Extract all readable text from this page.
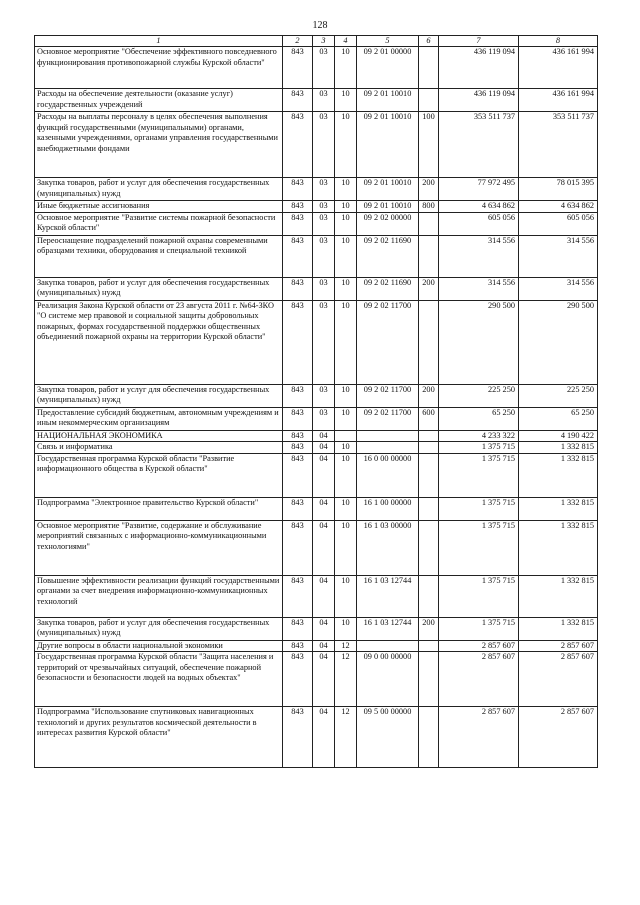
128
1	2	3	4	5	6	7	8
Основное мероприятие "Обеспечение эффективного повседневного функционирования противопожарной службы Курской области"	843	03	10	09 2 01 00000		436 119 094	436 161 994
Расходы на обеспечение деятельности (оказание услуг) государственных учреждений	843	03	10	09 2 01 10010		436 119 094	436 161 994
Расходы на выплаты персоналу в целях обеспечения выполнения функций государственными (муниципальными) органами, казенными учреждениями, органами управления государственными внебюджетными фондами	843	03	10	09 2 01 10010	100	353 511 737	353 511 737
Закупка товаров, работ и услуг для обеспечения государственных (муниципальных) нужд	843	03	10	09 2 01 10010	200	77 972 495	78 015 395
Иные бюджетные ассигнования	843	03	10	09 2 01 10010	800	4 634 862	4 634 862
Основное мероприятие "Развитие системы пожарной безопасности Курской области"	843	03	10	09 2 02 00000		605 056	605 056
Переоснащение подразделений пожарной охраны современными образцами техники, оборудования и специальной техникой	843	03	10	09 2 02 11690		314 556	314 556
Закупка товаров, работ и услуг для обеспечения государственных (муниципальных) нужд	843	03	10	09 2 02 11690	200	314 556	314 556
Реализация Закона Курской области от 23 августа 2011 г. №64-ЗКО "О системе мер правовой и социальной защиты добровольных пожарных, формах государственной поддержки общественных объединений пожарной охраны на территории Курской области"	843	03	10	09 2 02 11700		290 500	290 500
Закупка товаров, работ и услуг для обеспечения государственных (муниципальных) нужд	843	03	10	09 2 02 11700	200	225 250	225 250
Предоставление субсидий бюджетным, автономным учреждениям и иным некоммерческим организациям	843	03	10	09 2 02 11700	600	65 250	65 250
НАЦИОНАЛЬНАЯ ЭКОНОМИКА	843	04				4 233 322	4 190 422
Связь и информатика	843	04	10			1 375 715	1 332 815
Государственная программа Курской области "Развитие информационного общества в Курской области"	843	04	10	16 0 00 00000		1 375 715	1 332 815
Подпрограмма "Электронное правительство Курской области"	843	04	10	16 1 00 00000		1 375 715	1 332 815
Основное мероприятие "Развитие, содержание и обслуживание мероприятий связанных с информационно-коммуникационными технологиями"	843	04	10	16 1 03 00000		1 375 715	1 332 815
Повышение эффективности реализации функций государственными органами за счет внедрения информационно-коммуникационных технологий	843	04	10	16 1 03 12744		1 375 715	1 332 815
Закупка товаров, работ и услуг для обеспечения государственных (муниципальных) нужд	843	04	10	16 1 03 12744	200	1 375 715	1 332 815
Другие вопросы в области национальной экономики	843	04	12			2 857 607	2 857 607
Государственная программа Курской области "Защита населения и территорий от чрезвычайных ситуаций, обеспечение пожарной безопасности и безопасности людей на водных объектах"	843	04	12	09 0 00 00000		2 857 607	2 857 607
Подпрограмма "Использование спутниковых навигационных технологий и других результатов космической деятельности в интересах развития Курской области"	843	04	12	09 5 00 00000		2 857 607	2 857 607
